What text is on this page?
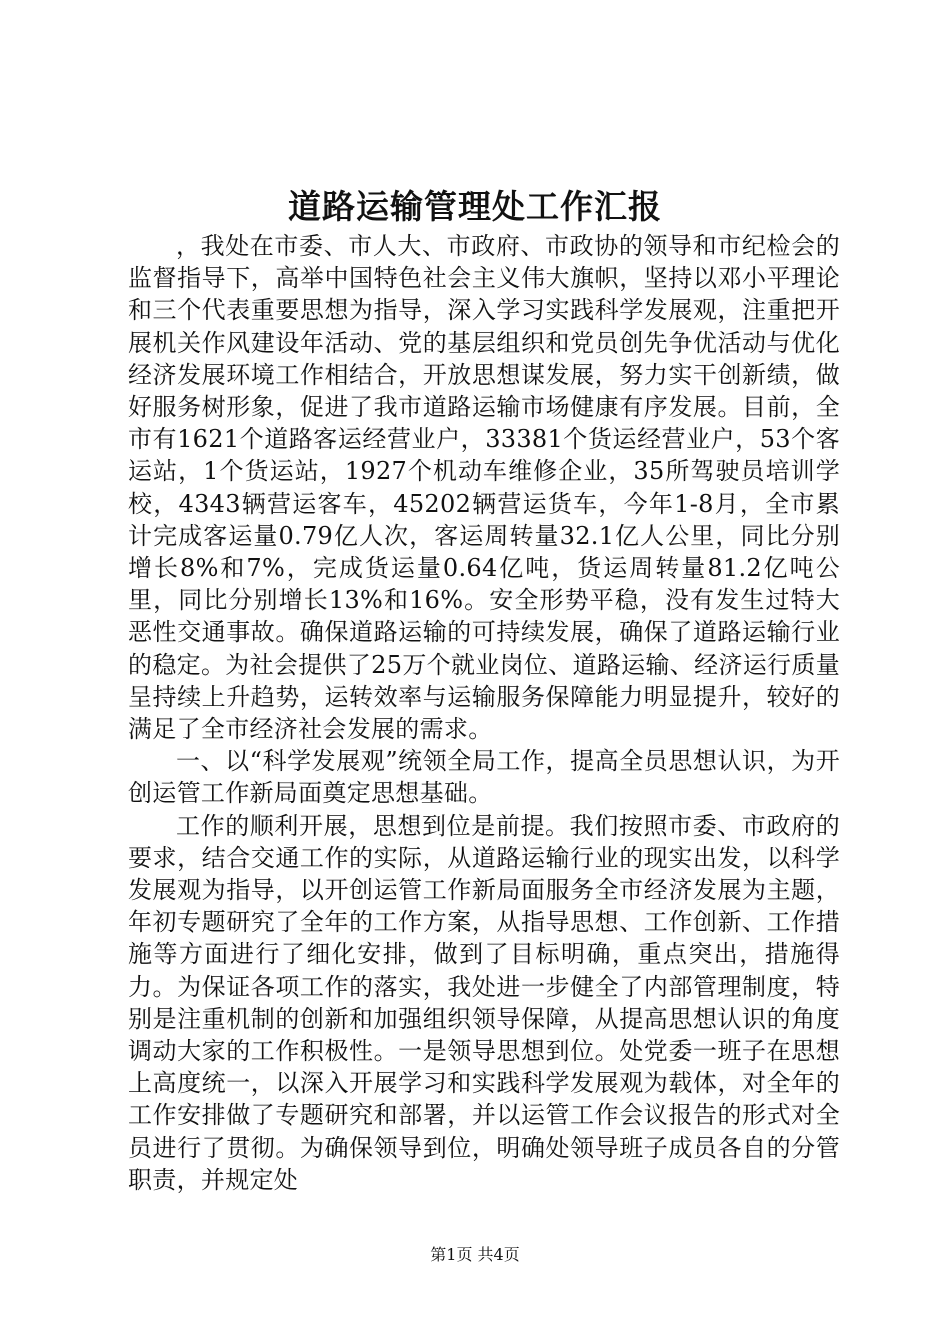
道路运输管理处工作汇报

，我处在市委、市人大、市政府、市政协的领导和市纪检会的监督指导下，高举中国特色社会主义伟大旗帜，坚持以邓小平理论和三个代表重要思想为指导，深入学习实践科学发展观，注重把开展机关作风建设年活动、党的基层组织和党员创先争优活动与优化经济发展环境工作相结合，开放思想谋发展，努力实干创新绩，做好服务树形象，促进了我市道路运输市场健康有序发展。目前，全市有1621个道路客运经营业户，33381个货运经营业户，53个客运站，1个货运站，1927个机动车维修企业，35所驾驶员培训学校，4343辆营运客车，45202辆营运货车，今年1-8月，全市累计完成客运量0.79亿人次，客运周转量32.1亿人公里，同比分别增长8%和7%，完成货运量0.64亿吨，货运周转量81.2亿吨公里，同比分别增长13%和16%。安全形势平稳，没有发生过特大恶性交通事故。确保道路运输的可持续发展，确保了道路运输行业的稳定。为社会提供了25万个就业岗位、道路运输、经济运行质量呈持续上升趋势，运转效率与运输服务保障能力明显提升，较好的满足了全市经济社会发展的需求。

一、以“科学发展观”统领全局工作，提高全员思想认识，为开创运管工作新局面奠定思想基础。

工作的顺利开展，思想到位是前提。我们按照市委、市政府的要求，结合交通工作的实际，从道路运输行业的现实出发，以科学发展观为指导，以开创运管工作新局面服务全市经济发展为主题，年初专题研究了全年的工作方案，从指导思想、工作创新、工作措施等方面进行了细化安排，做到了目标明确，重点突出，措施得力。为保证各项工作的落实，我处进一步健全了内部管理制度，特别是注重机制的创新和加强组织领导保障，从提高思想认识的角度调动大家的工作积极性。一是领导思想到位。处党委一班子在思想上高度统一，以深入开展学习和实践科学发展观为载体，对全年的工作安排做了专题研究和部署，并以运管工作会议报告的形式对全员进行了贯彻。为确保领导到位，明确处领导班子成员各自的分管职责，并规定处

第1页 共4页
